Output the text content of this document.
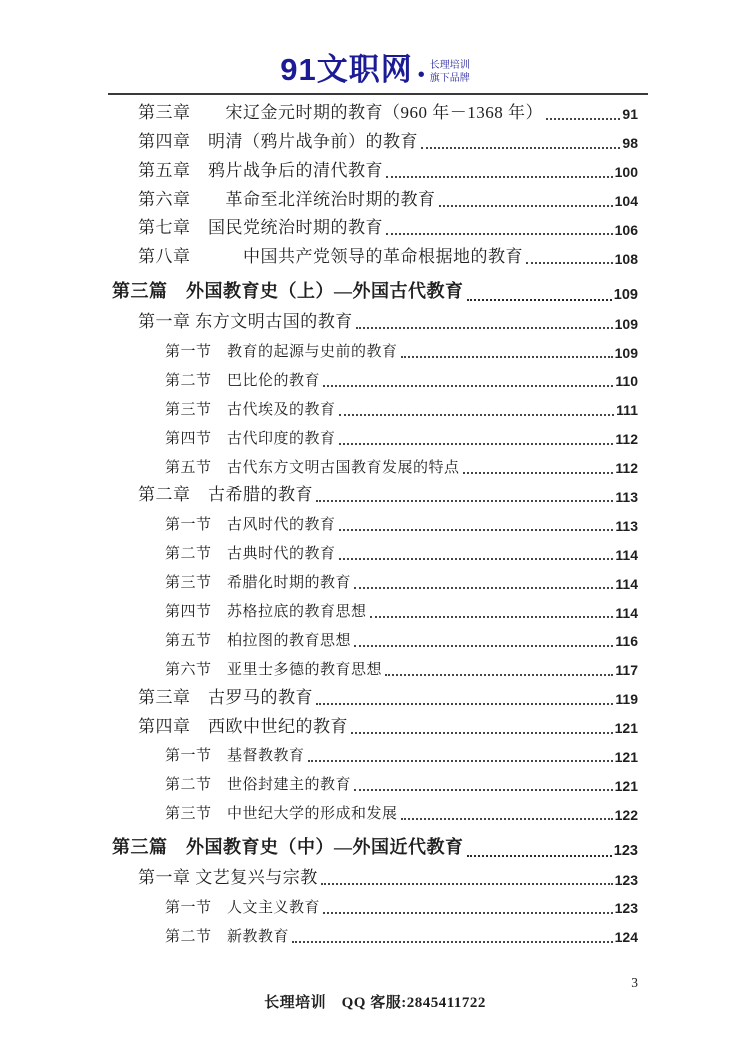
91文职网 • 长理培训
旗下品牌
第三章　　宋辽金元时期的教育（960 年－1368 年）	91
第四章　明清（鸦片战争前）的教育	98
第五章　鸦片战争后的清代教育	100
第六章　　革命至北洋统治时期的教育	104
第七章　国民党统治时期的教育	106
第八章　　　中国共产党领导的革命根据地的教育	108
第三篇　外国教育史（上）—外国古代教育	109
第一章 东方文明古国的教育	109
第一节　教育的起源与史前的教育	109
第二节　巴比伦的教育	110
第三节　古代埃及的教育	111
第四节　古代印度的教育	112
第五节　古代东方文明古国教育发展的特点	112
第二章　古希腊的教育	113
第一节　古风时代的教育	113
第二节　古典时代的教育	114
第三节　希腊化时期的教育	114
第四节　苏格拉底的教育思想	114
第五节　柏拉图的教育思想	116
第六节　亚里士多德的教育思想	117
第三章　古罗马的教育	119
第四章　西欧中世纪的教育	121
第一节　基督教教育	121
第二节　世俗封建主的教育	121
第三节　中世纪大学的形成和发展	122
第三篇　外国教育史（中）—外国近代教育	123
第一章 文艺复兴与宗教	123
第一节　人文主义教育	123
第二节　新教教育	124
3
长理培训　QQ 客服:2845411722
